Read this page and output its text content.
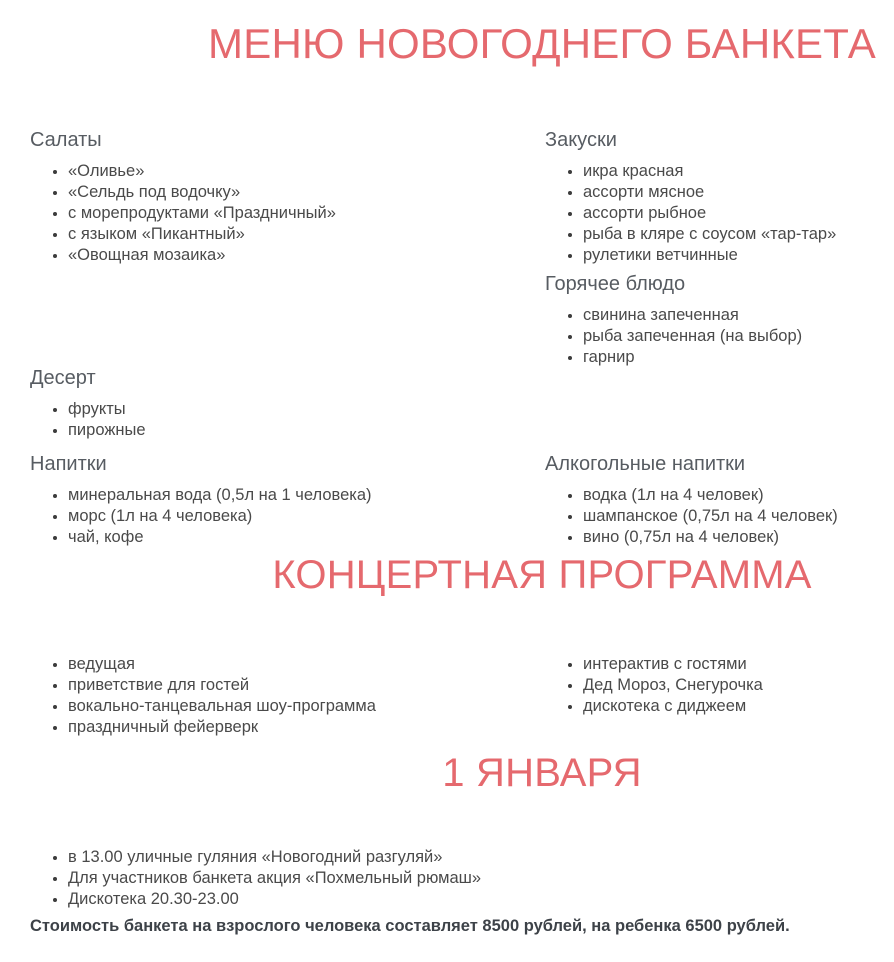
МЕНЮ НОВОГОДНЕГО БАНКЕТА
Салаты
• «Оливье»
• «Сельдь под водочку»
• с морепродуктами «Праздничный»
• с языком «Пикантный»
• «Овощная мозаика»
Десерт
• фрукты
• пирожные
Напитки
• минеральная вода (0,5л на 1 человека)
• морс (1л на 4 человека)
• чай, кофе
Закуски
• икра красная
• ассорти мясное
• ассорти рыбное
• рыба в кляре с соусом «тар-тар»
• рулетики ветчинные
Горячее блюдо
• свинина запеченная
• рыба запеченная (на выбор)
• гарнир
Алкогольные напитки
• водка (1л на 4 человек)
• шампанское (0,75л на 4 человек)
• вино (0,75л на 4 человек)
КОНЦЕРТНАЯ ПРОГРАММА
• ведущая
• приветствие для гостей
• вокально-танцевальная шоу-программа
• праздничный фейерверк
• интерактив с гостями
• Дед Мороз, Снегурочка
• дискотека с диджеем
1 ЯНВАРЯ
• в 13.00 уличные гуляния «Новогодний разгуляй»
• Для участников банкета акция «Похмельный рюмаш»
• Дискотека 20.30-23.00

Стоимость банкета на взрослого человека составляет 8500 рублей, на ребенка 6500 рублей.
